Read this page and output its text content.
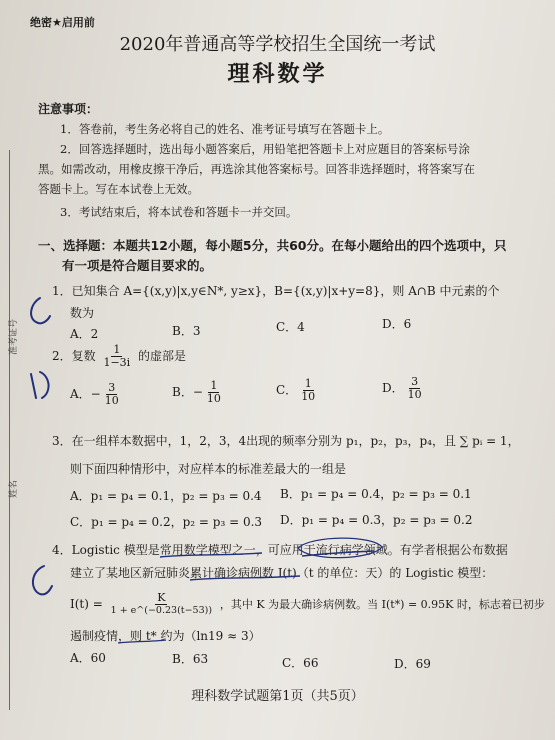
准考证号
姓名
绝密★启用前
2020年普通高等学校招生全国统一考试
理科数学
注意事项：
1．答卷前，考生务必将自己的姓名、准考证号填写在答题卡上。
2．回答选择题时，选出每小题答案后，用铅笔把答题卡上对应题目的答案标号涂
黑。如需改动，用橡皮擦干净后，再选涂其他答案标号。回答非选择题时，将答案写在
答题卡上。写在本试卷上无效。
3．考试结束后，将本试卷和答题卡一并交回。
一、选择题：本题共12小题，每小题5分，共60分。在每小题给出的四个选项中，只
有一项是符合题目要求的。
1．已知集合 A={(x,y)|x,y∈N*, y≥x}，B={(x,y)|x+y=8}，则 A∩B 中元素的个
数为
A．2	B．3	C．4	D．6
2．复数 $\frac{1}{1-3i}$ 的虚部是
A．− $\frac{3}{10}$	B．− $\frac{1}{10}$	C． $\frac{1}{10}$	D． $\frac{3}{10}$
3．在一组样本数据中，1，2，3，4出现的频率分别为 p₁，p₂，p₃，p₄，且 ∑ pᵢ = 1，
则下面四种情形中，对应样本的标准差最大的一组是
A．p₁ = p₄ = 0.1，p₂ = p₃ = 0.4 B．p₁ = p₄ = 0.4，p₂ = p₃ = 0.1
C．p₁ = p₄ = 0.2，p₂ = p₃ = 0.3 D．p₁ = p₄ = 0.3，p₂ = p₃ = 0.2
4．Logistic 模型是常用数学模型之一，可应用于流行病学领域。有学者根据公布数据
建立了某地区新冠肺炎累计确诊病例数 I(t)（t 的单位：天）的 Logistic 模型：
$I(t) = \frac{K}{1 + e\^{}(-0.23(t-53))}$ ，其中 K 为最大确诊病例数。当 I(t*) = 0.95K 时，标志着已初步
遏制疫情，则 t* 约为（ln19 ≈ 3）
A．60	B．63	C．66	D．69
理科数学试题第1页（共5页）
